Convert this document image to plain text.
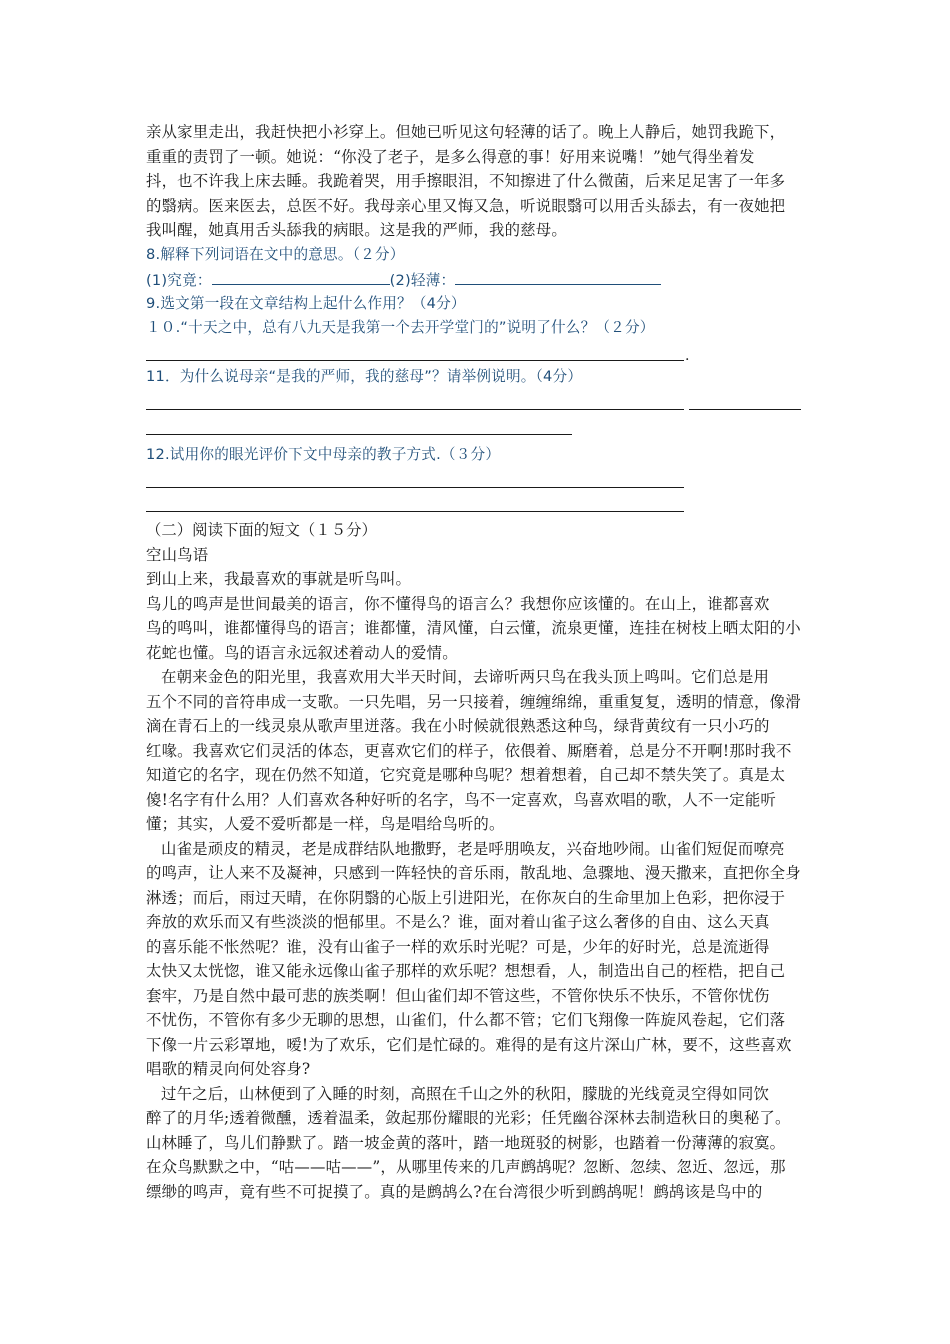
亲从家里走出，我赶快把小衫穿上。但她已听见这句轻薄的话了。晚上人静后，她罚我跪下，
重重的责罚了一顿。她说：“你没了老子，是多么得意的事！好用来说嘴！”她气得坐着发
抖，也不许我上床去睡。我跪着哭，用手擦眼泪，不知擦进了什么微菌，后来足足害了一年多
的翳病。医来医去，总医不好。我母亲心里又悔又急，听说眼翳可以用舌头舔去，有一夜她把
我叫醒，她真用舌头舔我的病眼。这是我的严师，我的慈母。
8.解释下列词语在文中的意思。（２分）
(1)究竟：	(2)轻薄：
9.选文第一段在文章结构上起什么作用？（4分）
１０.“十天之中，总有八九天是我第一个去开学堂门的”说明了什么？（２分）
.
11．为什么说母亲“是我的严师，我的慈母”？请举例说明。（4分）
12.试用你的眼光评价下文中母亲的教子方式.（３分）
（二）阅读下面的短文（１５分）
空山鸟语
到山上来，我最喜欢的事就是听鸟叫。
鸟儿的鸣声是世间最美的语言，你不懂得鸟的语言么？我想你应该懂的。在山上，谁都喜欢
鸟的鸣叫，谁都懂得鸟的语言；谁都懂，清风懂，白云懂，流泉更懂，连挂在树枝上晒太阳的小
花蛇也懂。鸟的语言永远叙述着动人的爱情。
在朝来金色的阳光里，我喜欢用大半天时间，去谛听两只鸟在我头顶上鸣叫。它们总是用
五个不同的音符串成一支歌。一只先唱，另一只接着，缠缠绵绵，重重复复，透明的情意，像滑
滴在青石上的一线灵泉从歌声里迸落。我在小时候就很熟悉这种鸟，绿背黄纹有一只小巧的
红喙。我喜欢它们灵活的体态，更喜欢它们的样子，依偎着、厮磨着，总是分不开啊!那时我不
知道它的名字，现在仍然不知道，它究竟是哪种鸟呢？想着想着，自己却不禁失笑了。真是太
傻!名字有什么用？人们喜欢各种好听的名字，鸟不一定喜欢，鸟喜欢唱的歌，人不一定能听
懂；其实，人爱不爱听都是一样，鸟是唱给鸟听的。
山雀是顽皮的精灵，老是成群结队地撒野，老是呼朋唤友，兴奋地吵闹。山雀们短促而嘹亮
的鸣声，让人来不及凝神，只感到一阵轻快的音乐雨，散乱地、急骤地、漫天撒来，直把你全身
淋透；而后，雨过天晴，在你阴翳的心版上引进阳光，在你灰白的生命里加上色彩，把你浸于
奔放的欢乐而又有些淡淡的悒郁里。不是么？谁，面对着山雀子这么奢侈的自由、这么天真
的喜乐能不怅然呢？谁，没有山雀子一样的欢乐时光呢？可是，少年的好时光，总是流逝得
太快又太恍惚，谁又能永远像山雀子那样的欢乐呢？想想看，人，制造出自己的桎梏，把自己
套牢，乃是自然中最可悲的族类啊！但山雀们却不管这些，不管你快乐不快乐，不管你忧伤
不忧伤，不管你有多少无聊的思想，山雀们，什么都不管；它们飞翔像一阵旋风卷起，它们落
下像一片云彩罩地，嗳!为了欢乐，它们是忙碌的。难得的是有这片深山广林，要不，这些喜欢
唱歌的精灵向何处容身?
过午之后，山林便到了入睡的时刻，高照在千山之外的秋阳，朦胧的光线竟灵空得如同饮
醉了的月华;透着微醺，透着温柔，敛起那份耀眼的光彩；任凭幽谷深林去制造秋日的奥秘了。
山林睡了，鸟儿们静默了。踏一坡金黄的落叶，踏一地斑驳的树影，也踏着一份薄薄的寂寞。
在众鸟默默之中，“咕——咕——”，从哪里传来的几声鹧鸪呢？忽断、忽续、忽近、忽远，那
缥缈的鸣声，竟有些不可捉摸了。真的是鹧鸪么?在台湾很少听到鹧鸪呢！鹧鸪该是鸟中的
